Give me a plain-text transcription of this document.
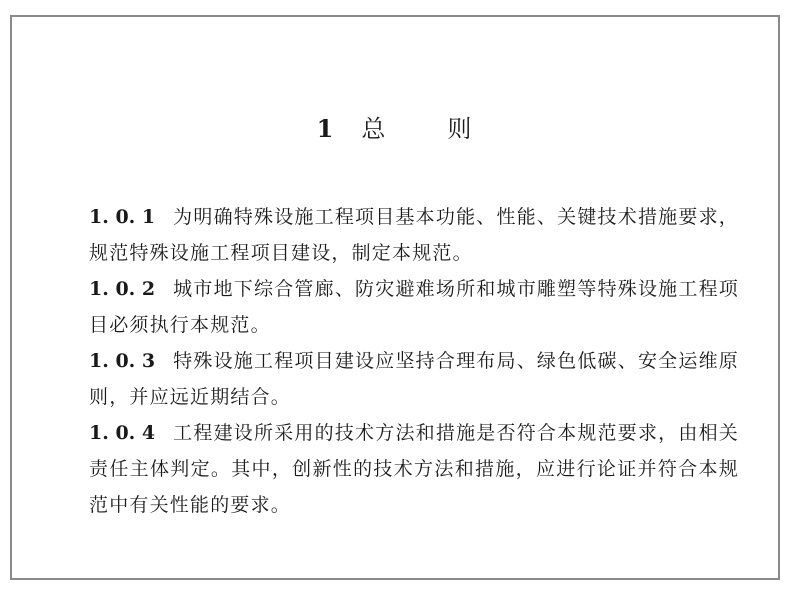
1 总	则

1. 0. 1 为明确特殊设施工程项目基本功能、性能、关键技术措施要求，规范特殊设施工程项目建设，制定本规范。

1. 0. 2 城市地下综合管廊、防灾避难场所和城市雕塑等特殊设施工程项目必须执行本规范。

1. 0. 3 特殊设施工程项目建设应坚持合理布局、绿色低碳、安全运维原则，并应远近期结合。

1. 0. 4 工程建设所采用的技术方法和措施是否符合本规范要求，由相关责任主体判定。其中，创新性的技术方法和措施，应进行论证并符合本规范中有关性能的要求。
